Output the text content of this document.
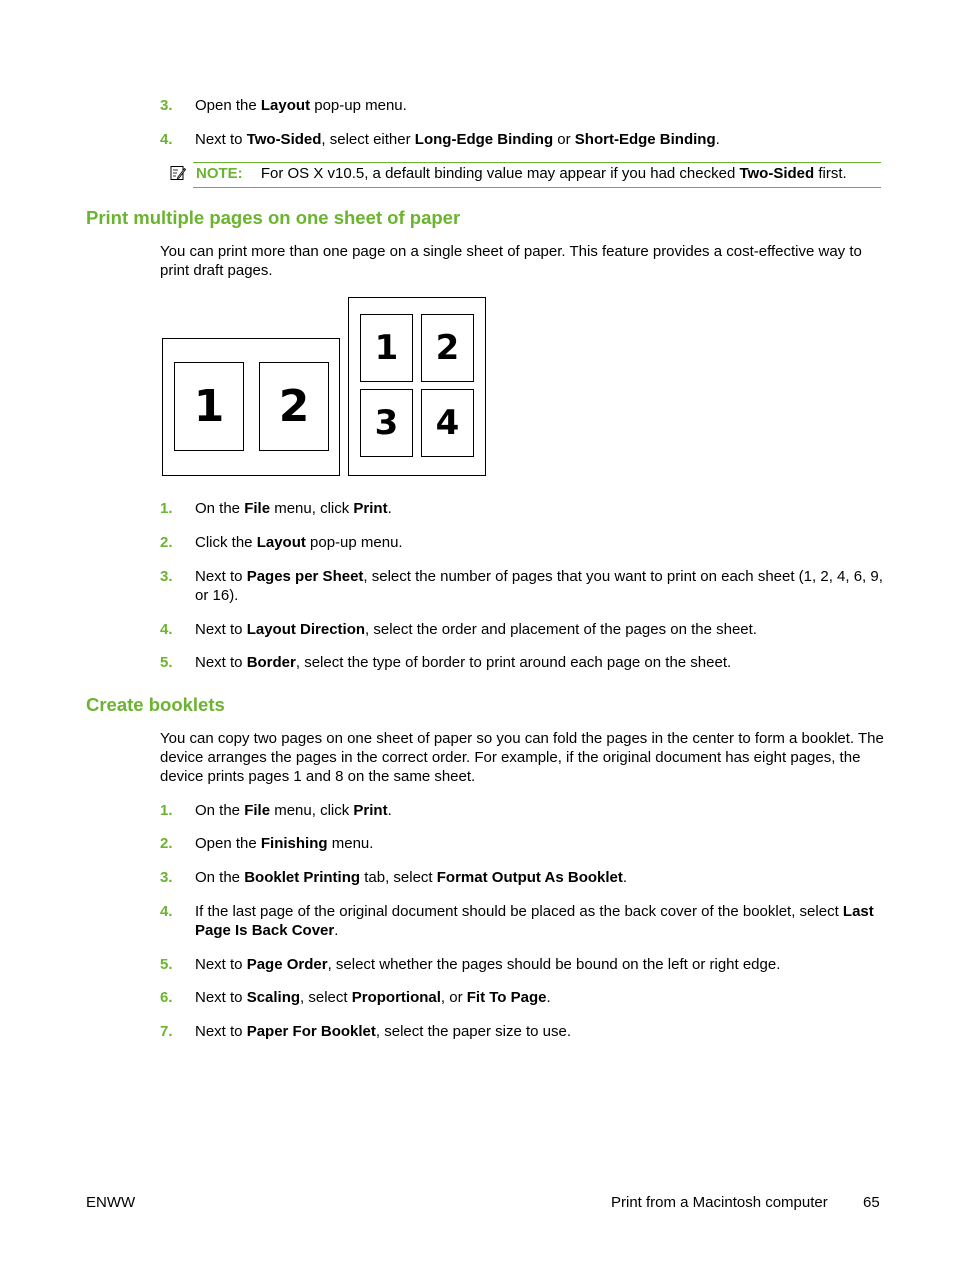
3. Open the Layout pop-up menu.
4. Next to Two-Sided, select either Long-Edge Binding or Short-Edge Binding.
NOTE: For OS X v10.5, a default binding value may appear if you had checked Two-Sided first.
Print multiple pages on one sheet of paper
You can print more than one page on a single sheet of paper. This feature provides a cost-effective way to print draft pages.
1	2
1	2
3	4
1. On the File menu, click Print.
2. Click the Layout pop-up menu.
3. Next to Pages per Sheet, select the number of pages that you want to print on each sheet (1, 2, 4, 6, 9, or 16).
4. Next to Layout Direction, select the order and placement of the pages on the sheet.
5. Next to Border, select the type of border to print around each page on the sheet.
Create booklets
You can copy two pages on one sheet of paper so you can fold the pages in the center to form a booklet. The device arranges the pages in the correct order. For example, if the original document has eight pages, the device prints pages 1 and 8 on the same sheet.
1. On the File menu, click Print.
2. Open the Finishing menu.
3. On the Booklet Printing tab, select Format Output As Booklet.
4. If the last page of the original document should be placed as the back cover of the booklet, select Last Page Is Back Cover.
5. Next to Page Order, select whether the pages should be bound on the left or right edge.
6. Next to Scaling, select Proportional, or Fit To Page.
7. Next to Paper For Booklet, select the paper size to use.
ENWW	Print from a Macintosh computer 65
